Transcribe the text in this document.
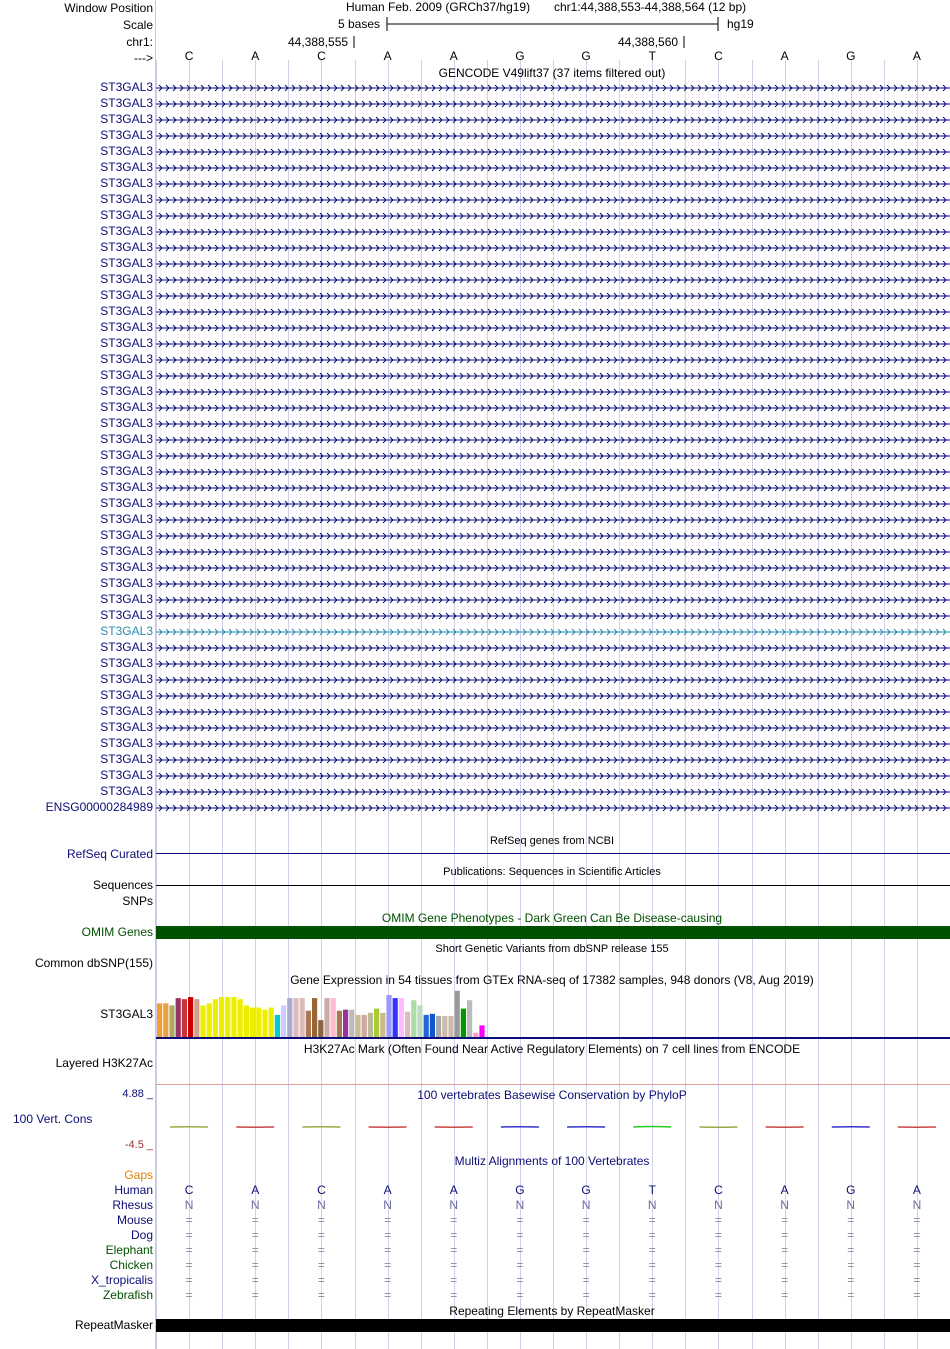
Window Position
Scale
chr1:
--->
Human Feb. 2009 (GRCh37/hg19) chr1:44,388,553-44,388,564 (12 bp)
5 bases	hg19
44,388,555	44,388,560
C	A	C	A	A	G	G	T	C	A	G	A
GENCODE V49lift37 (37 items filtered out)
ST3GAL3
ST3GAL3
ST3GAL3
ST3GAL3
ST3GAL3
ST3GAL3
ST3GAL3
ST3GAL3
ST3GAL3
ST3GAL3
ST3GAL3
ST3GAL3
ST3GAL3
ST3GAL3
ST3GAL3
ST3GAL3
ST3GAL3
ST3GAL3
ST3GAL3
ST3GAL3
ST3GAL3
ST3GAL3
ST3GAL3
ST3GAL3
ST3GAL3
ST3GAL3
ST3GAL3
ST3GAL3
ST3GAL3
ST3GAL3
ST3GAL3
ST3GAL3
ST3GAL3
ST3GAL3
ST3GAL3
ST3GAL3
ST3GAL3
ST3GAL3
ST3GAL3
ST3GAL3
ST3GAL3
ST3GAL3
ST3GAL3
ST3GAL3
ST3GAL3
ENSG00000284989
RefSeq genes from NCBI
RefSeq Curated
Publications: Sequences in Scientific Articles
Sequences
SNPs
OMIM Gene Phenotypes - Dark Green Can Be Disease-causing
OMIM Genes
Short Genetic Variants from dbSNP release 155
Common dbSNP(155)
Gene Expression in 54 tissues from GTEx RNA-seq of 17382 samples, 948 donors (V8, Aug 2019)
ST3GAL3
H3K27Ac Mark (Often Found Near Active Regulatory Elements) on 7 cell lines from ENCODE
Layered H3K27Ac
100 vertebrates Basewise Conservation by PhyloP
4.88 _
100 Vert. Cons
-4.5 _
Multiz Alignments of 100 Vertebrates
Gaps
Human	C	A	C	A	A	G	G	T	C	A	G	A
Rhesus	N	N	N	N	N	N	N	N	N	N	N	N
Mouse	=	=	=	=	=	=	=	=	=	=	=	=
Dog	=	=	=	=	=	=	=	=	=	=	=	=
Elephant	=	=	=	=	=	=	=	=	=	=	=	=
Chicken	=	=	=	=	=	=	=	=	=	=	=	=
X_tropicalis	=	=	=	=	=	=	=	=	=	=	=	=
Zebrafish	=	=	=	=	=	=	=	=	=	=	=	=
Repeating Elements by RepeatMasker
RepeatMasker
